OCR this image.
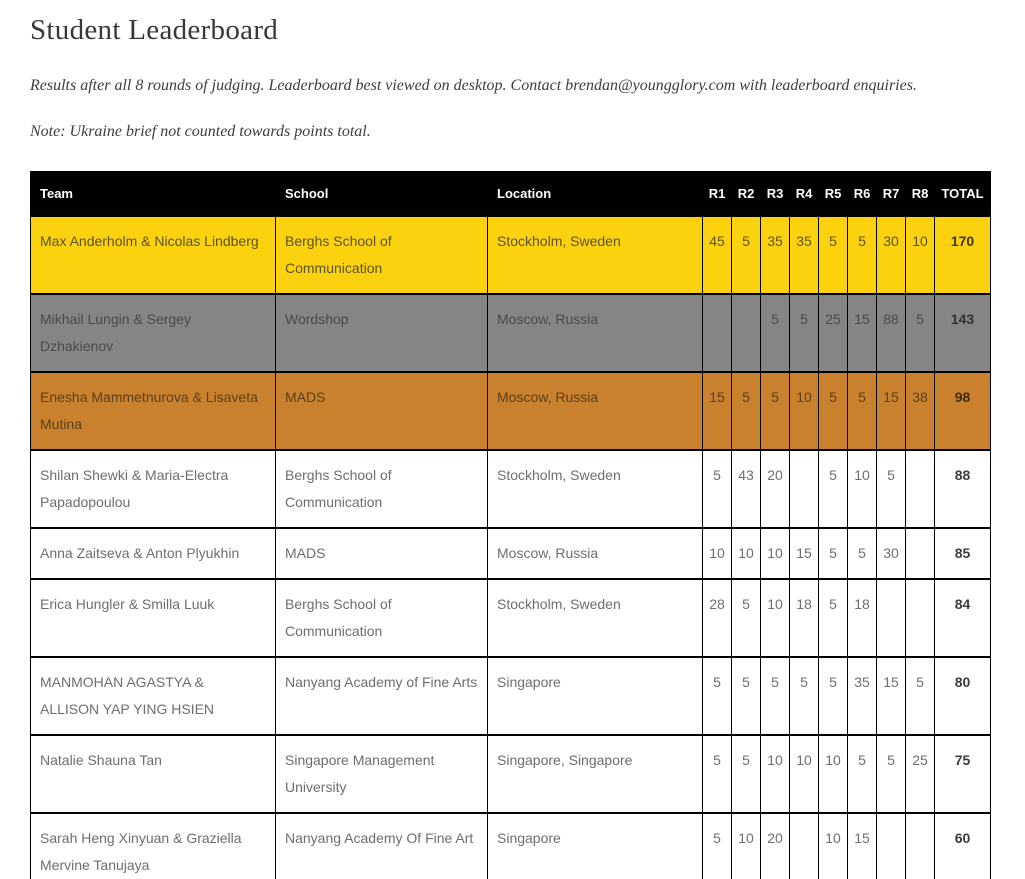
Student Leaderboard

Results after all 8 rounds of judging. Leaderboard best viewed on desktop. Contact brendan@youngglory.com with leaderboard enquiries.

Note: Ukraine brief not counted towards points total.

Team	School	Location	R1	R2	R3	R4	R5	R6	R7	R8	TOTAL
Max Anderholm & Nicolas Lindberg	Berghs School of Communication	Stockholm, Sweden	45	5	35	35	5	5	30	10	170
Mikhail Lungin & Sergey Dzhakienov	Wordshop	Moscow, Russia			5	5	25	15	88	5	143
Enesha Mammetnurova & Lisaveta Mutina	MADS	Moscow, Russia	15	5	5	10	5	5	15	38	98
Shilan Shewki & Maria-Electra Papadopoulou	Berghs School of Communication	Stockholm, Sweden	5	43	20		5	10	5		88
Anna Zaitseva & Anton Plyukhin	MADS	Moscow, Russia	10	10	10	15	5	5	30		85
Erica Hungler & Smilla Luuk	Berghs School of Communication	Stockholm, Sweden	28	5	10	18	5	18			84
MANMOHAN AGASTYA & ALLISON YAP YING HSIEN	Nanyang Academy of Fine Arts	Singapore	5	5	5	5	5	35	15	5	80
Natalie Shauna Tan	Singapore Management University	Singapore, Singapore	5	5	10	10	10	5	5	25	75
Sarah Heng Xinyuan & Graziella Mervine Tanujaya	Nanyang Academy Of Fine Art	Singapore	5	10	20		10	15			60
